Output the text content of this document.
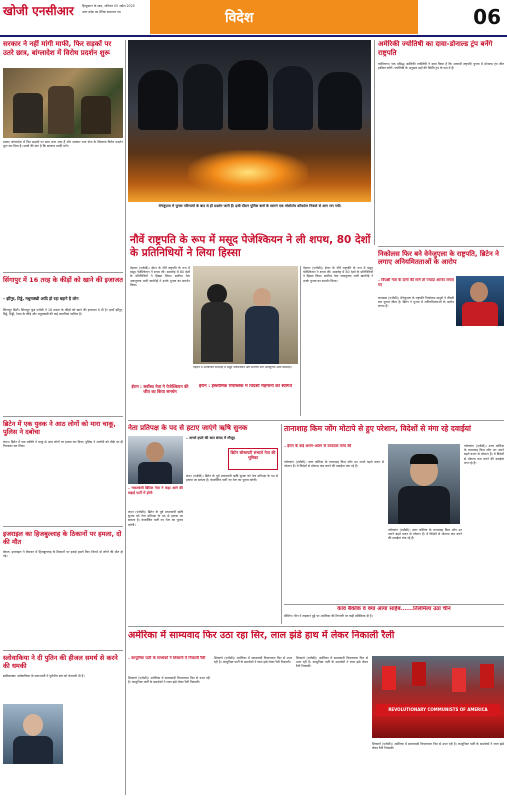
खोजी एनसीआर	हिन्दुस्तान के साथ, शनिवार 05 अप्रैल 2025
उत्तर प्रदेश का दैनिक समाचार पत्र	विदेश	06
सरकार ने नहीं मांगी माफी, फिर सड़कों पर उतरे छात्र, बांग्लादेश में विरोध प्रदर्शन शुरू
ढाका। बांग्लादेश में फिर सड़कों पर छात्र उतर आए हैं और सरकार तथा सेना के खिलाफ विरोध प्रदर्शन शुरू कर दिया है। छात्रों की मांग है कि सरकार माफी मांगे।
सिंगापुर में 16 तरह के कीड़ों को खाने की इजाजत
– झींगुर, टिड्डे, मधुमक्खी आदि हो रहा बहाने है लोग
सिंगापुर सिटी। सिंगापुर फूड एजेंसी ने 16 प्रकार के कीड़ों को खाने की इजाजत दे दी है। इनमें झींगुर, टिड्डे, टिड्डी, रेशम के कीड़े और मधुमक्खी की कई प्रजातियां शामिल हैं।
ब्रिटेन में एक युवक ने आठ लोगों को मारा चाकू, पुलिस ने दबोचा
लंदन। ब्रिटेन में एक व्यक्ति ने चाकू से आठ लोगों पर हमला कर दिया। पुलिस ने आरोपी को मौके पर ही गिरफ्तार कर लिया।
इजराइल का हिजबुल्लाह के ठिकानों पर हमला, दो की मौत
बेरूत। इजराइल ने लेबनान में हिजबुल्लाह के ठिकानों पर हवाई हमले किए जिनमें दो लोगों की मौत हो गई।
स्लोवाकिया ने दी पुतिन की हीजल समर्थ से करने की धमकी
ब्रातिस्लावा। स्लोवाकिया के प्रधानमंत्री ने यूरोपीय संघ को चेतावनी दी है।
अमेरिकी ज्योतिषी का दावा-डोनाल्ड ट्रंप बनेंगे राष्ट्रपति
वाशिंगटन। एक प्रसिद्ध अमेरिकी ज्योतिषी ने दावा किया है कि आगामी राष्ट्रपति चुनाव में डोनाल्ड ट्रंप जीत हासिल करेंगे। ज्योतिषी के अनुसार ग्रहों की स्थिति ट्रंप के पक्ष में है।
निकोलस फिर बने वेनेजुएला के राष्ट्रपति, ब्रिटेन ने लगाए अनियमितताओं के आरोप
– विपक्षी नेता के दोनों की माने तो ज्यादा आरोप लगाए गए
कराकस (एजेंसी)। वेनेजुएला के राष्ट्रपति निकोलस मादुरो ने तीसरी बार चुनाव जीता है। ब्रिटेन ने चुनाव में अनियमितताओं के आरोप लगाए हैं।
वेनेजुएला में चुनाव परिणामों के बाद से ही प्रदर्शन जारी हैं। इसी दौरान पुलिस बलों के सामने एक मोलोटोव कॉकटेल निकले से आग लग गयी।
नौवें राष्ट्रपति के रूप में मसूद पेजेश्कियन ने ली शपथ, 80 देशों के प्रतिनिधियों ने लिया हिस्सा
तेहरान (एजेंसी)। ईरान के नौवें राष्ट्रपति के रूप में मसूद पेजेश्कियन ने शपथ ली। समारोह में 80 देशों के प्रतिनिधियों ने हिस्सा लिया। सर्वोच्च नेता अयातुल्ला अली खामेनेई ने उनके चुनाव का समर्थन किया।
तेहरान में आयोजित समारोह में मसूद पेजेश्कियन और सर्वोच्च नेता अयातुल्ला अली खामेनेई।
ईरान : सर्वोच्च नेता ने पेजेश्कियन की जीत का किया समर्थन
ईरान : इस्लामिक रिपब्लिक में विदेशी मेहमानों का स्वागत
तेहरान (एजेंसी)। ईरान के नौवें राष्ट्रपति के रूप में मसूद पेजेश्कियन ने शपथ ली। समारोह में 80 देशों के प्रतिनिधियों ने हिस्सा लिया। सर्वोच्च नेता अयातुल्ला अली खामेनेई ने उनके चुनाव का समर्थन किया।
नेता प्रतिपक्ष के पद से हटाए जाएंगे ऋषि सुनक
– भारतवंशी ब्रिटिश नेता ने कहा आगे की लड़ाई पार्टी में होगी
लंदन (एजेंसी)। ब्रिटेन के पूर्व प्रधानमंत्री ऋषि सुनक को नेता प्रतिपक्ष के पद से हटाया जा सकता है। कंजर्वेटिव पार्टी नए नेता का चुनाव करेगी।
– अगले हफ्ते की बात संसद में मौजूद
ब्रिटेन सोसायटी संभाले नेता की भूमिका
लंदन (एजेंसी)। ब्रिटेन के पूर्व प्रधानमंत्री ऋषि सुनक को नेता प्रतिपक्ष के पद से हटाया जा सकता है। कंजर्वेटिव पार्टी नए नेता का चुनाव करेगी।
तानाशाह किम जोंग मोटापे से हुए परेशान, विदेशों से मंगा रहे दवाईयां
– ईरान के कई अलग-अलग से उत्पादक जांच की
प्योंगयांग (एजेंसी)। उत्तर कोरिया के तानाशाह किम जोंग उन अपने बढ़ते वजन से परेशान हैं। वे विदेशों से मोटापा कम करने की दवाईयां मंगा रहे हैं।
प्योंगयांग (एजेंसी)। उत्तर कोरिया के तानाशाह किम जोंग उन अपने बढ़ते वजन से परेशान हैं। वे विदेशों से मोटापा कम करने की दवाईयां मंगा रहे हैं।
प्योंगयांग (एजेंसी)। उत्तर कोरिया के तानाशाह किम जोंग उन अपने बढ़ते वजन से परेशान हैं। वे विदेशों से मोटापा कम करने की दवाईयां मंगा रहे हैं।
काव बैंकॉक व क्या आया साहेब......तिलमिला उठा चीन
बीजिंग। चीन ने ताइवान मुद्दे पर अमेरिका की टिप्पणी पर कड़ी प्रतिक्रिया दी है।
अमेरिका में साम्यवाद फिर उठा रहा सिर, लाल झंडे हाथ में लेकर निकाली रैली
– कम्युनिस्ट पार्टी के समर्थकों ने शिकागो में निकाली रैली
शिकागो (एजेंसी)। अमेरिका में साम्यवादी विचारधारा फिर से उभर रही है। कम्युनिस्ट पार्टी के समर्थकों ने लाल झंडे लेकर रैली निकाली।
शिकागो (एजेंसी)। अमेरिका में साम्यवादी विचारधारा फिर से उभर रही है। कम्युनिस्ट पार्टी के समर्थकों ने लाल झंडे लेकर रैली निकाली।
शिकागो (एजेंसी)। अमेरिका में साम्यवादी विचारधारा फिर से उभर रही है। कम्युनिस्ट पार्टी के समर्थकों ने लाल झंडे लेकर रैली निकाली।
REVOLUTIONARY COMMUNISTS OF AMERICA
शिकागो (एजेंसी)। अमेरिका में साम्यवादी विचारधारा फिर से उभर रही है। कम्युनिस्ट पार्टी के समर्थकों ने लाल झंडे लेकर रैली निकाली।
